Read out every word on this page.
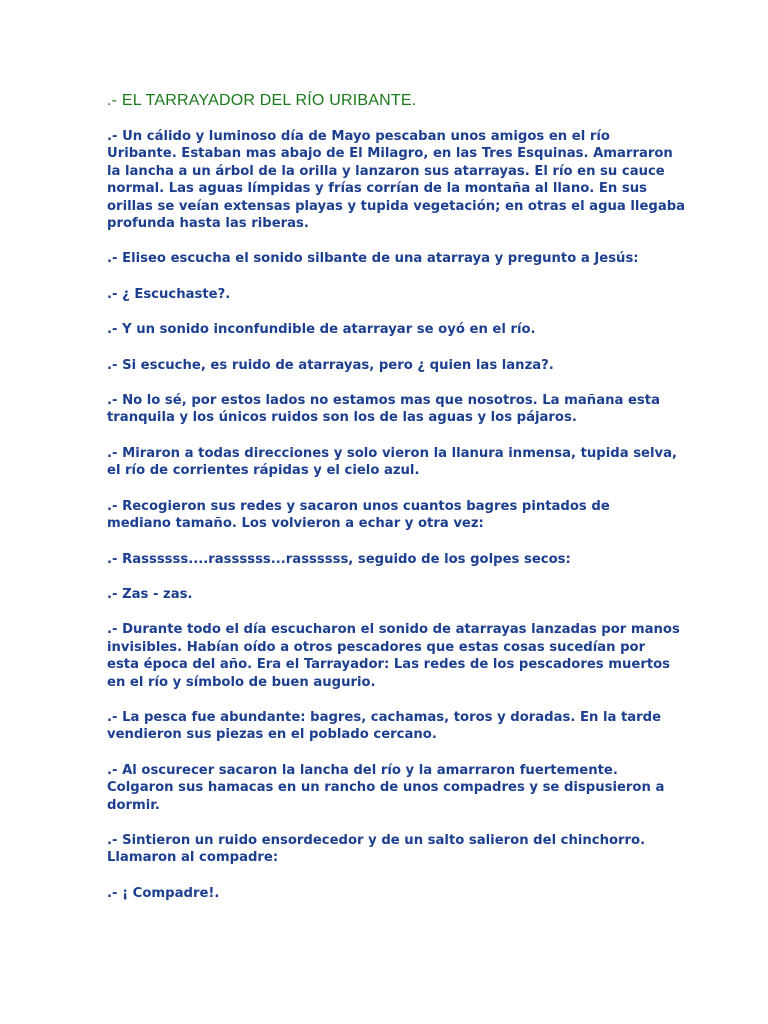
.- EL TARRAYADOR DEL RÍO URIBANTE.

.- Un cálido y luminoso día de Mayo pescaban unos amigos en el río
Uribante. Estaban mas abajo de El Milagro, en las Tres Esquinas. Amarraron
la lancha a un árbol de la orilla y lanzaron sus atarrayas. El río en su cauce
normal. Las aguas límpidas y frías corrían de la montaña al llano. En sus
orillas se veían extensas playas y tupida vegetación; en otras el agua llegaba
profunda hasta las riberas.

.- Eliseo escucha el sonido silbante de una atarraya y pregunto a Jesús:

.- ¿ Escuchaste?.

.- Y un sonido inconfundible de atarrayar se oyó en el río.

.- Si escuche, es ruido de atarrayas, pero ¿ quien las lanza?.

.- No lo sé, por estos lados no estamos mas que nosotros. La mañana esta
tranquila y los únicos ruidos son los de las aguas y los pájaros.

.- Miraron a todas direcciones y solo vieron la llanura inmensa, tupida selva,
el río de corrientes rápidas y el cielo azul.

.- Recogieron sus redes y sacaron unos cuantos bagres pintados de
mediano tamaño. Los volvieron a echar y otra vez:

.- Rassssss....rassssss...rassssss, seguido de los golpes secos:

.- Zas - zas.

.- Durante todo el día escucharon el sonido de atarrayas lanzadas por manos
invisibles. Habían oído a otros pescadores que estas cosas sucedían por
esta época del año. Era el Tarrayador: Las redes de los pescadores muertos
en el río y símbolo de buen augurio.

.- La pesca fue abundante: bagres, cachamas, toros y doradas. En la tarde
vendieron sus piezas en el poblado cercano.

.- Al oscurecer sacaron la lancha del río y la amarraron fuertemente.
Colgaron sus hamacas en un rancho de unos compadres y se dispusieron a
dormir.

.- Sintieron un ruido ensordecedor y de un salto salieron del chinchorro.
Llamaron al compadre:

.- ¡ Compadre!.
